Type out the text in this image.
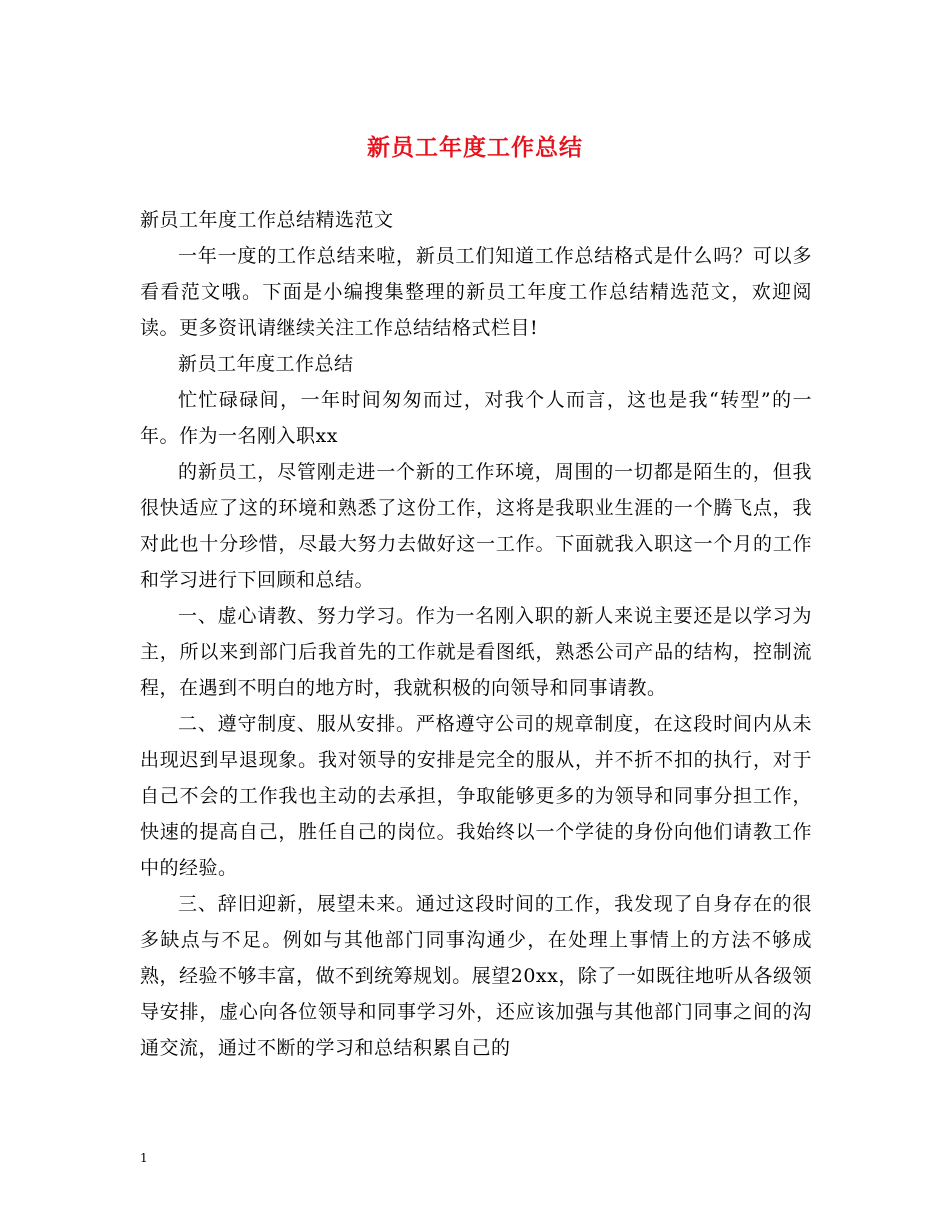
新员工年度工作总结

新员工年度工作总结精选范文

一年一度的工作总结来啦，新员工们知道工作总结格式是什么吗？可以多看看范文哦。下面是小编搜集整理的新员工年度工作总结精选范文，欢迎阅读。更多资讯请继续关注工作总结结格式栏目!

新员工年度工作总结

忙忙碌碌间，一年时间匆匆而过，对我个人而言，这也是我“转型”的一年。作为一名刚入职xx

的新员工，尽管刚走进一个新的工作环境，周围的一切都是陌生的，但我很快适应了这的环境和熟悉了这份工作，这将是我职业生涯的一个腾飞点，我对此也十分珍惜，尽最大努力去做好这一工作。下面就我入职这一个月的工作和学习进行下回顾和总结。

一、虚心请教、努力学习。作为一名刚入职的新人来说主要还是以学习为主，所以来到部门后我首先的工作就是看图纸，熟悉公司产品的结构，控制流程，在遇到不明白的地方时，我就积极的向领导和同事请教。

二、遵守制度、服从安排。严格遵守公司的规章制度，在这段时间内从未出现迟到早退现象。我对领导的安排是完全的服从，并不折不扣的执行，对于自己不会的工作我也主动的去承担，争取能够更多的为领导和同事分担工作，快速的提高自己，胜任自己的岗位。我始终以一个学徒的身份向他们请教工作中的经验。

三、辞旧迎新，展望未来。通过这段时间的工作，我发现了自身存在的很多缺点与不足。例如与其他部门同事沟通少，在处理上事情上的方法不够成熟，经验不够丰富，做不到统筹规划。展望20xx，除了一如既往地听从各级领导安排，虚心向各位领导和同事学习外，还应该加强与其他部门同事之间的沟通交流，通过不断的学习和总结积累自己的

1
